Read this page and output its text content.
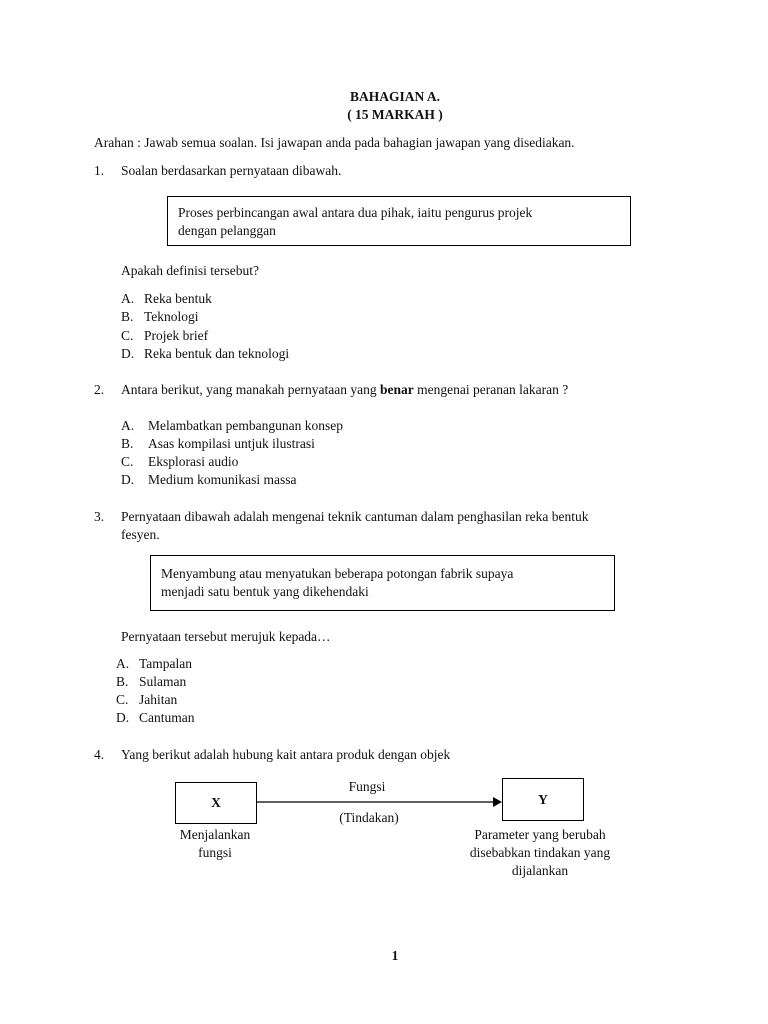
BAHAGIAN A.
( 15 MARKAH )
Arahan : Jawab semua soalan. Isi jawapan anda pada bahagian jawapan yang disediakan.
1. Soalan berdasarkan pernyataan dibawah.
Proses perbincangan awal antara dua pihak, iaitu pengurus projek
dengan pelanggan
Apakah definisi tersebut?
A. Reka bentuk
B. Teknologi
C. Projek brief
D. Reka bentuk dan teknologi
2. Antara berikut, yang manakah pernyataan yang benar mengenai peranan lakaran ?
A. Melambatkan pembangunan konsep
B. Asas kompilasi untjuk ilustrasi
C. Eksplorasi audio
D. Medium komunikasi massa
3. Pernyataan dibawah adalah mengenai teknik cantuman dalam penghasilan reka bentuk
fesyen.
Menyambung atau menyatukan beberapa potongan fabrik supaya
menjadi satu bentuk yang dikehendaki
Pernyataan tersebut merujuk kepada…
A. Tampalan
B. Sulaman
C. Jahitan
D. Cantuman
4. Yang berikut adalah hubung kait antara produk dengan objek
X	Y
Fungsi
(Tindakan)
Menjalankan
fungsi
Parameter yang berubah
disebabkan tindakan yang
dijalankan
1
